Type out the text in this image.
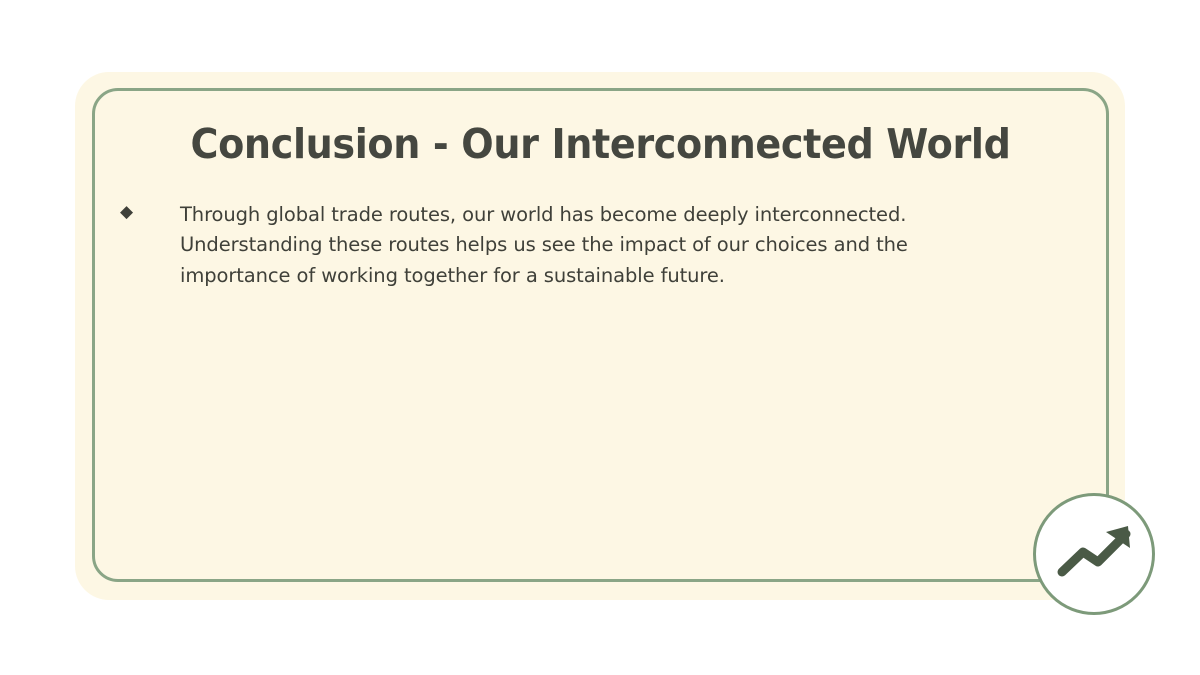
Conclusion - Our Interconnected World
◆	Through global trade routes, our world has become deeply interconnected. Understanding these routes helps us see the impact of our choices and the importance of working together for a sustainable future.
